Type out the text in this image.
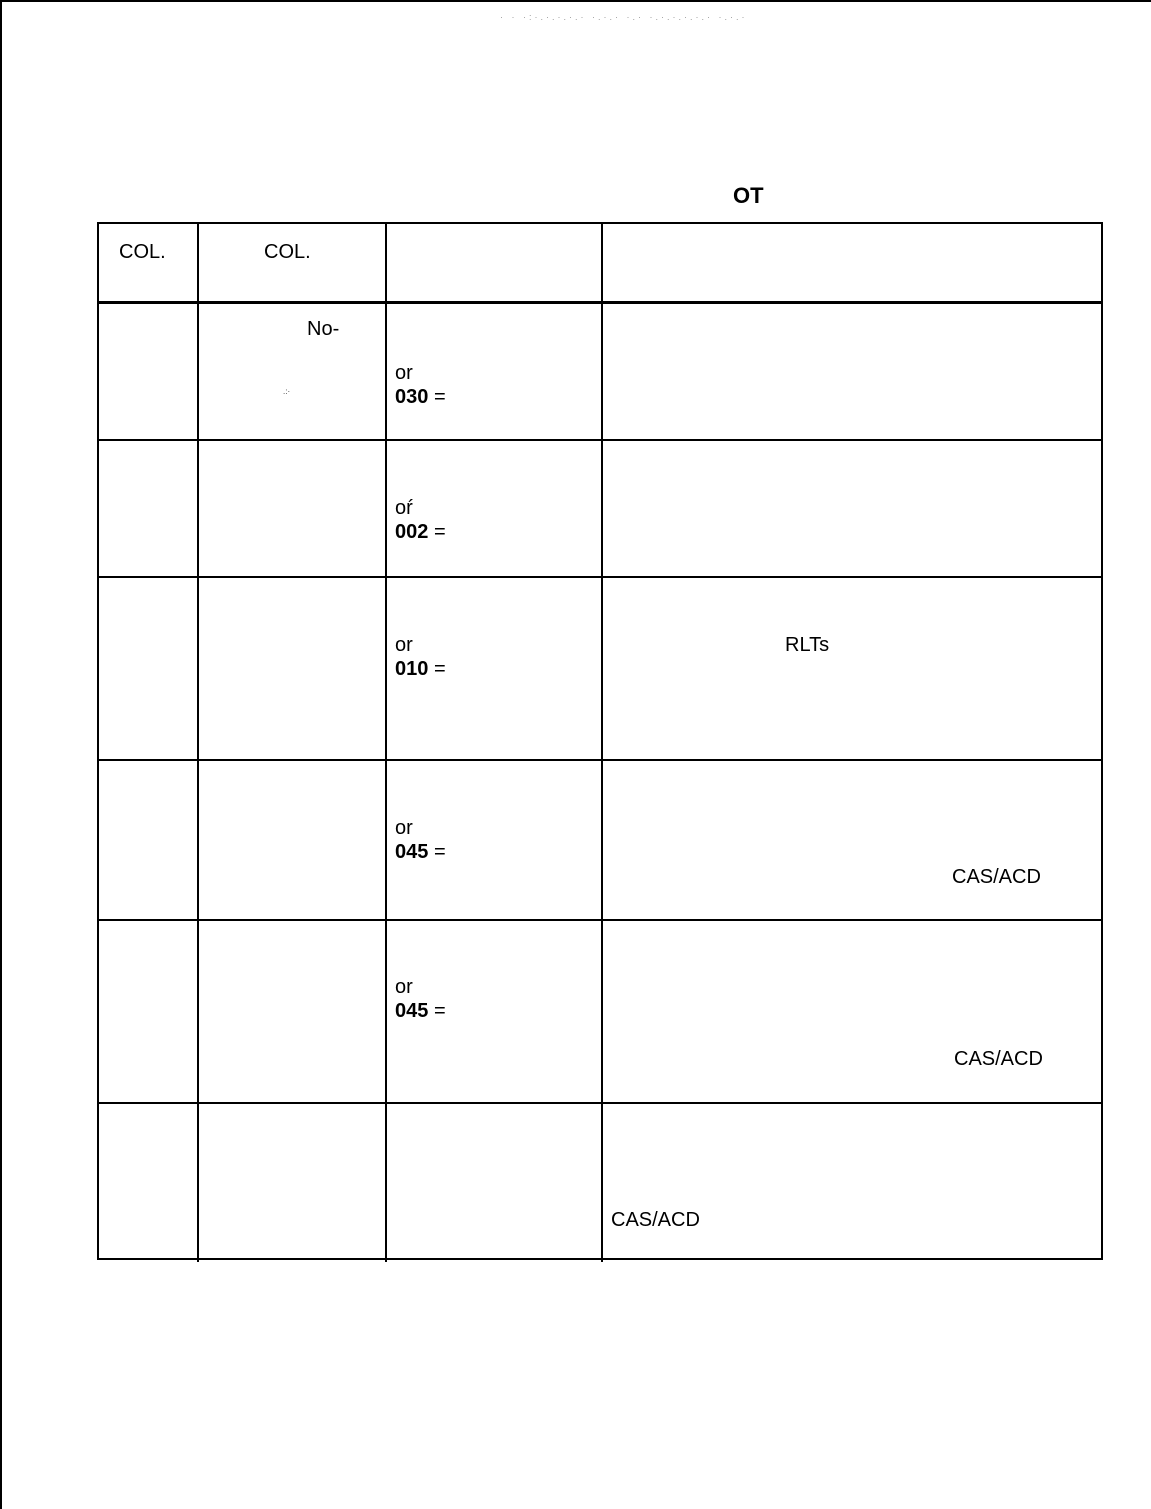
· · ·:·.·.·.·.· ·.·.· ·.· ·.·.·.·.·.· ·.·.·
OT
COL.	COL.
No-
.:·
or
030 =
oŕ
002 =
or
010 =
RLTs
or
045 =
CAS/ACD
or
045 =
CAS/ACD
CAS/ACD
